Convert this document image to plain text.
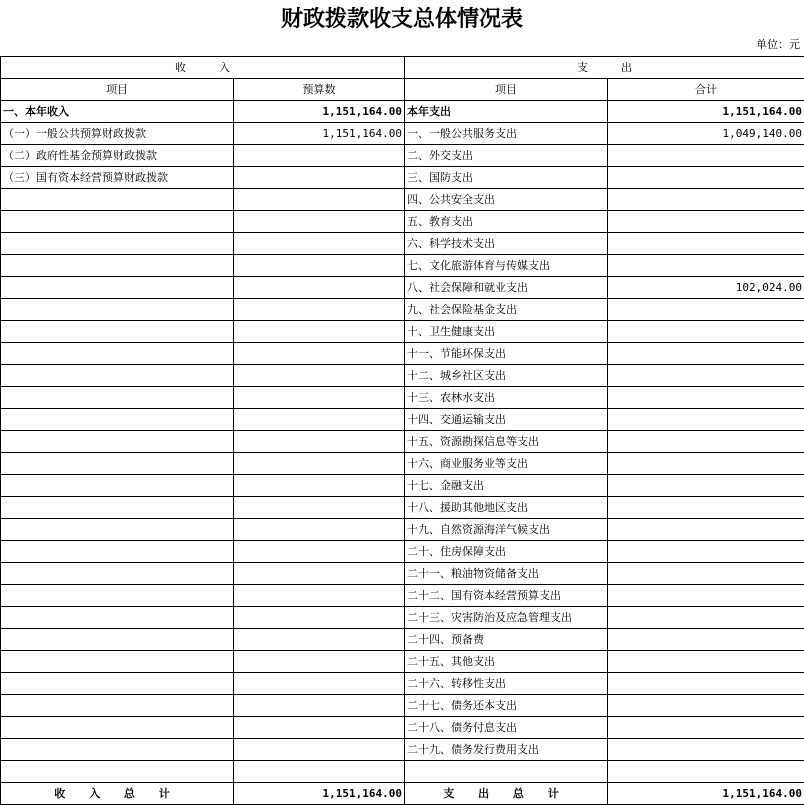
财政拨款收支总体情况表
单位：元
收　　　入		支　　　出	
项目	预算数	项目	合计
一、本年收入	1,151,164.00	本年支出	1,151,164.00
（一）一般公共预算财政拨款	1,151,164.00	一、一般公共服务支出	1,049,140.00
（二）政府性基金预算财政拨款		二、外交支出	
（三）国有资本经营预算财政拨款		三、国防支出	
		四、公共安全支出	
		五、教育支出	
		六、科学技术支出	
		七、文化旅游体育与传媒支出	
		八、社会保障和就业支出	102,024.00
		九、社会保险基金支出	
		十、卫生健康支出	
		十一、节能环保支出	
		十二、城乡社区支出	
		十三、农林水支出	
		十四、交通运输支出	
		十五、资源勘探信息等支出	
		十六、商业服务业等支出	
		十七、金融支出	
		十八、援助其他地区支出	
		十九、自然资源海洋气候支出	
		二十、住房保障支出	
		二十一、粮油物资储备支出	
		二十二、国有资本经营预算支出	
		二十三、灾害防治及应急管理支出	
		二十四、预备费	
		二十五、其他支出	
		二十六、转移性支出	
		二十七、债务还本支出	
		二十八、债务付息支出	
		二十九、债务发行费用支出	

收 入 总 计	1,151,164.00	支 出 总 计	1,151,164.00
